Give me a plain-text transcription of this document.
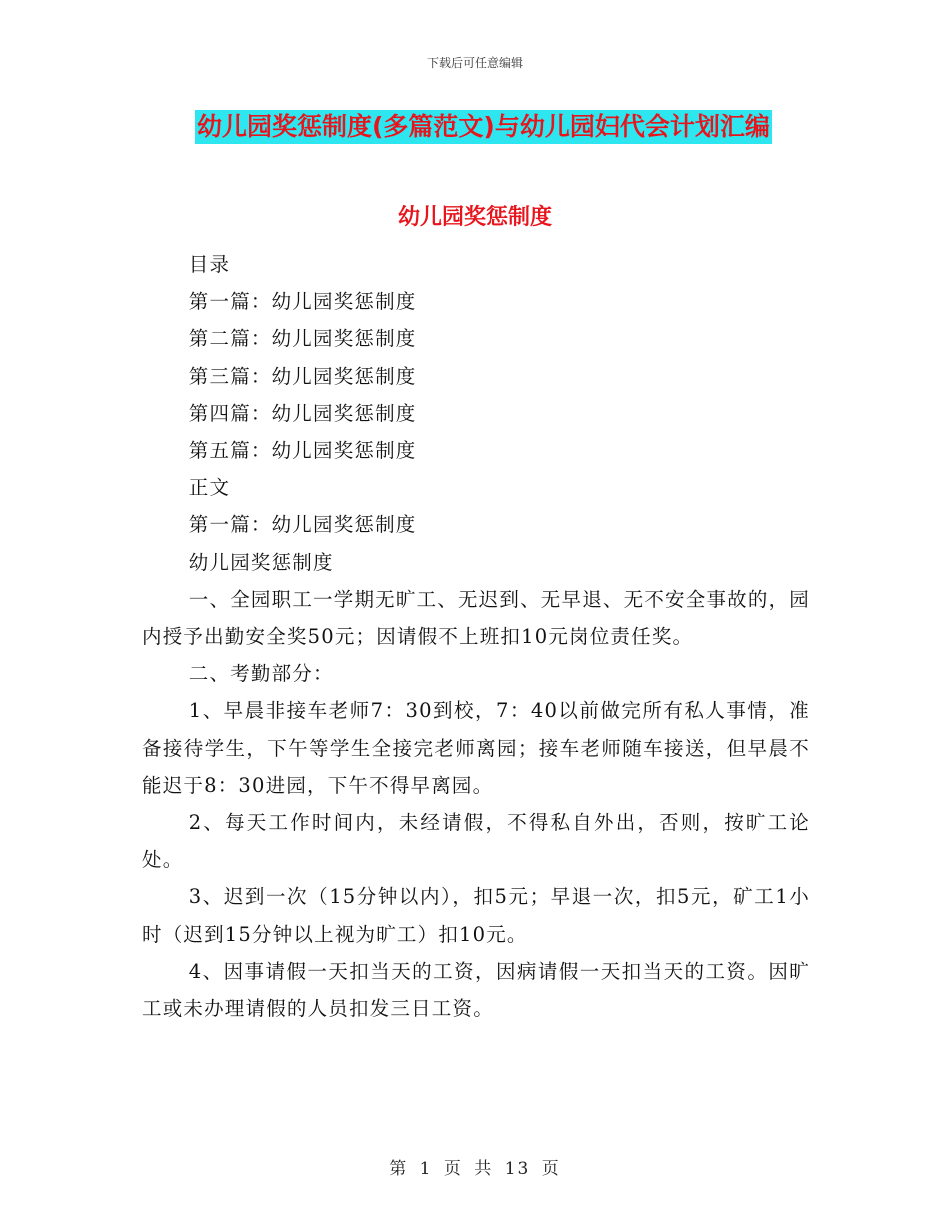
下载后可任意编辑
幼儿园奖惩制度(多篇范文)与幼儿园妇代会计划汇编
幼儿园奖惩制度

目录

第一篇：幼儿园奖惩制度

第二篇：幼儿园奖惩制度

第三篇：幼儿园奖惩制度

第四篇：幼儿园奖惩制度

第五篇：幼儿园奖惩制度

正文

第一篇：幼儿园奖惩制度

幼儿园奖惩制度

一、全园职工一学期无旷工、无迟到、无早退、无不安全事故的，园内授予出勤安全奖50元；因请假不上班扣10元岗位责任奖。

二、考勤部分：

1、早晨非接车老师7：30到校，7：40以前做完所有私人事情，准备接待学生，下午等学生全接完老师离园；接车老师随车接送，但早晨不能迟于8：30进园，下午不得早离园。

2、每天工作时间内，未经请假，不得私自外出，否则，按旷工论处。

3、迟到一次（15分钟以内），扣5元；早退一次，扣5元，矿工1小时（迟到15分钟以上视为旷工）扣10元。

4、因事请假一天扣当天的工资，因病请假一天扣当天的工资。因旷工或未办理请假的人员扣发三日工资。

第 1 页 共 13 页
